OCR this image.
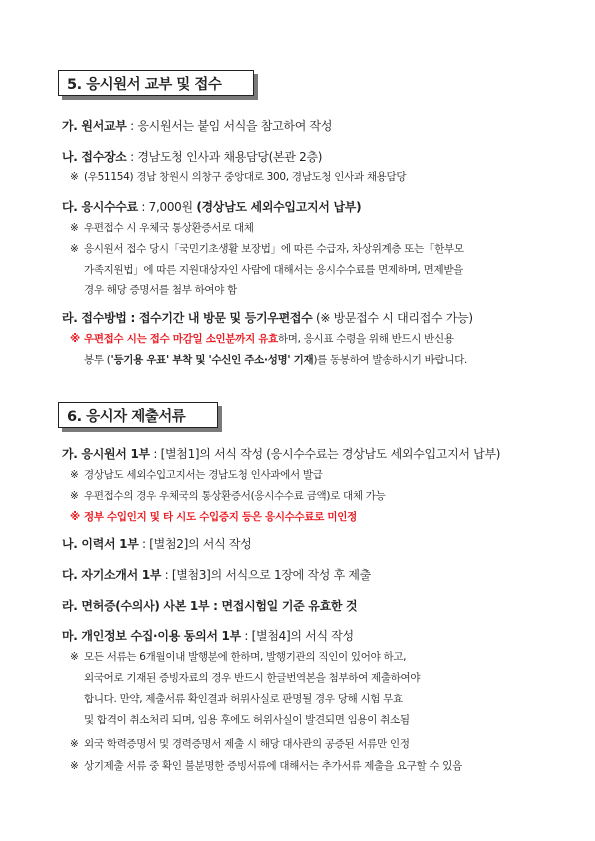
5. 응시원서 교부 및 접수
가. 원서교부 : 응시원서는 붙임 서식을 참고하여 작성
나. 접수장소 : 경남도청 인사과 채용담당(본관 2층)
※ (우51154) 경남 창원시 의창구 중앙대로 300, 경남도청 인사과 채용담당
다. 응시수수료 : 7,000원 (경상남도 세외수입고지서 납부)
※ 우편접수 시 우체국 통상환증서로 대체
※ 응시원서 접수 당시「국민기초생활 보장법」에 따른 수급자, 차상위계층 또는「한부모
가족지원법」에 따른 지원대상자인 사람에 대해서는 응시수수료를 면제하며, 면제받을
경우 해당 증명서를 첨부 하여야 함
라. 접수방법 : 접수기간 내 방문 및 등기우편접수 (※ 방문접수 시 대리접수 가능)
※ 우편접수 시는 접수 마감일 소인분까지 유효하며, 응시표 수령을 위해 반드시 반신용
봉투 ('등기용 우표' 부착 및 '수신인 주소·성명' 기재)를 동봉하여 발송하시기 바랍니다.
6. 응시자 제출서류
가. 응시원서 1부 : [별첨1]의 서식 작성 (응시수수료는 경상남도 세외수입고지서 납부)
※ 경상남도 세외수입고지서는 경남도청 인사과에서 발급
※ 우편접수의 경우 우체국의 통상환증서(응시수수료 금액)로 대체 가능
※ 정부 수입인지 및 타 시도 수입증지 등은 응시수수료로 미인정
나. 이력서 1부 : [별첨2]의 서식 작성
다. 자기소개서 1부 : [별첨3]의 서식으로 1장에 작성 후 제출
라. 면허증(수의사) 사본 1부 : 면접시험일 기준 유효한 것
마. 개인정보 수집·이용 동의서 1부 : [별첨4]의 서식 작성
※ 모든 서류는 6개월이내 발행분에 한하며, 발행기관의 직인이 있어야 하고,
외국어로 기재된 증빙자료의 경우 반드시 한글번역본을 첨부하여 제출하여야
합니다. 만약, 제출서류 확인결과 허위사실로 판명될 경우 당해 시험 무효
및 합격이 취소처리 되며, 임용 후에도 허위사실이 발견되면 임용이 취소됨
※ 외국 학력증명서 및 경력증명서 제출 시 해당 대사관의 공증된 서류만 인정
※ 상기제출 서류 중 확인 불분명한 증빙서류에 대해서는 추가서류 제출을 요구할 수 있음
